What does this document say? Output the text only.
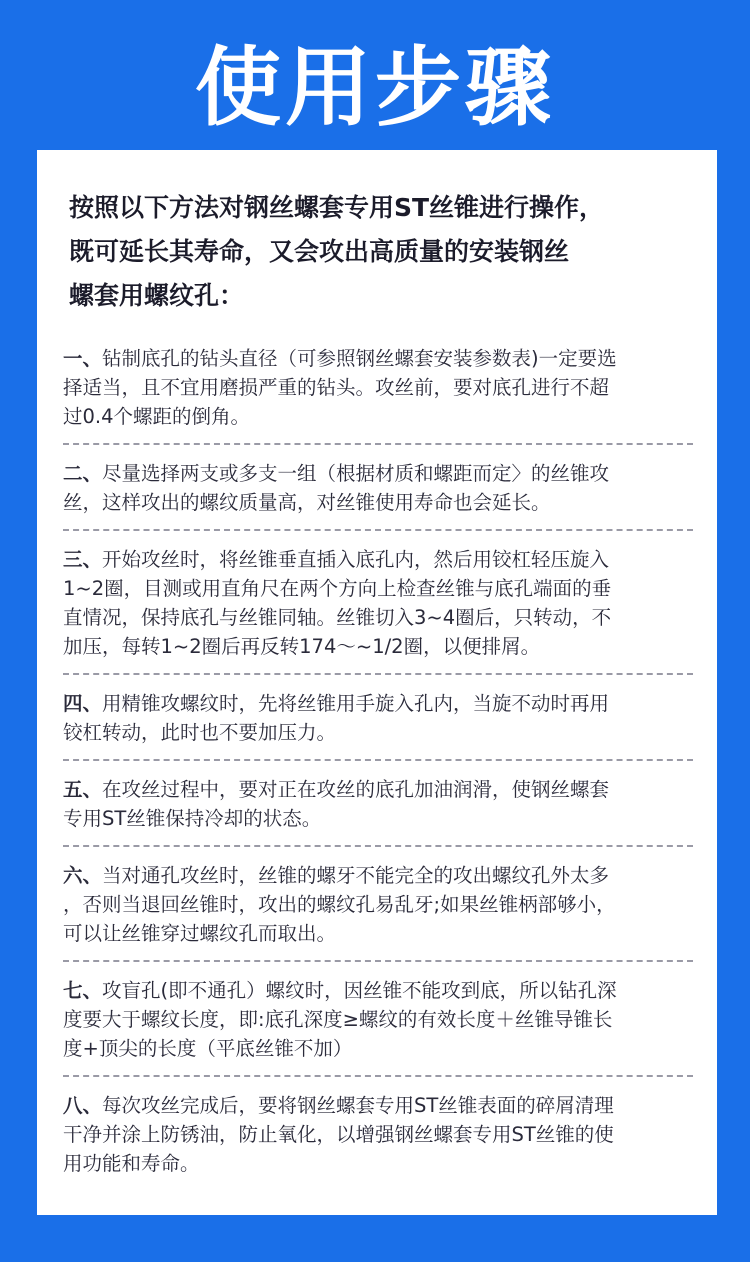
使用步骤
按照以下方法对钢丝螺套专用ST丝锥进行操作，
既可延长其寿命，又会攻出高质量的安装钢丝
螺套用螺纹孔：
一、钻制底孔的钻头直径（可参照钢丝螺套安装参数表)一定要选
择适当，且不宜用磨损严重的钻头。攻丝前，要对底孔进行不超
过0.4个螺距的倒角。
二、尽量选择两支或多支一组（根据材质和螺距而定〉的丝锥攻
丝，这样攻出的螺纹质量高，对丝锥使用寿命也会延长。
三、开始攻丝时，将丝锥垂直插入底孔内，然后用铰杠轻压旋入
1~2圈，目测或用直角尺在两个方向上检查丝锥与底孔端面的垂
直情况，保持底孔与丝锥同轴。丝锥切入3~4圈后，只转动，不
加压，每转1~2圈后再反转174～~1/2圈，以便排屑。
四、用精锥攻螺纹时，先将丝锥用手旋入孔内，当旋不动时再用
铰杠转动，此时也不要加压力。
五、在攻丝过程中，要对正在攻丝的底孔加油润滑，使钢丝螺套
专用ST丝锥保持冷却的状态。
六、当对通孔攻丝时，丝锥的螺牙不能完全的攻出螺纹孔外太多
，否则当退回丝锥时，攻出的螺纹孔易乱牙;如果丝锥柄部够小，
可以让丝锥穿过螺纹孔而取出。
七、攻盲孔(即不通孔）螺纹时，因丝锥不能攻到底，所以钻孔深
度要大于螺纹长度，即:底孔深度≥螺纹的有效长度＋丝锥导锥长
度+顶尖的长度（平底丝锥不加）
八、每次攻丝完成后，要将钢丝螺套专用ST丝锥表面的碎屑清理
干净并涂上防锈油，防止氧化，以增强钢丝螺套专用ST丝锥的使
用功能和寿命。
